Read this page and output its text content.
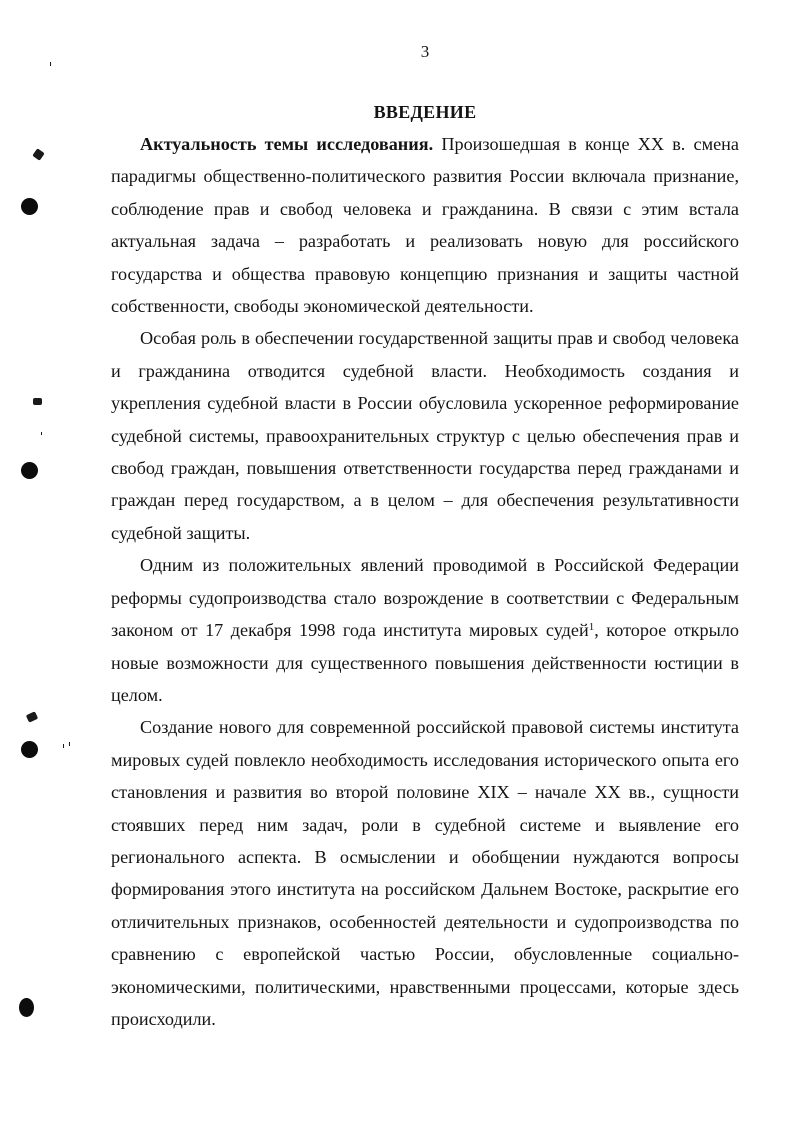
3
ВВЕДЕНИЕ

Актуальность темы исследования. Произошедшая в конце XX в. смена парадигмы общественно-политического развития России включала признание, соблюдение прав и свобод человека и гражданина. В связи с этим встала актуальная задача – разработать и реализовать новую для российского государства и общества правовую концепцию признания и защиты частной собственности, свободы экономической деятельности.

Особая роль в обеспечении государственной защиты прав и свобод человека и гражданина отводится судебной власти. Необходимость создания и укрепления судебной власти в России обусловила ускоренное реформирование судебной системы, правоохранительных структур с целью обеспечения прав и свобод граждан, повышения ответственности государства перед гражданами и граждан перед государством, а в целом – для обеспечения результативности судебной защиты.

Одним из положительных явлений проводимой в Российской Федерации реформы судопроизводства стало возрождение в соответствии с Федеральным законом от 17 декабря 1998 года института мировых судей$^1$, которое открыло новые возможности для существенного повышения действенности юстиции в целом.

Создание нового для современной российской правовой системы института мировых судей повлекло необходимость исследования исторического опыта его становления и развития во второй половине XIX – начале XX вв., сущности стоявших перед ним задач, роли в судебной системе и выявление его регионального аспекта. В осмыслении и обобщении нуждаются вопросы формирования этого института на российском Дальнем Востоке, раскрытие его отличительных признаков, особенностей деятельности и судопроизводства по сравнению с европейской частью России, обусловленные социально-экономическими, политическими, нравственными процессами, которые здесь происходили.
